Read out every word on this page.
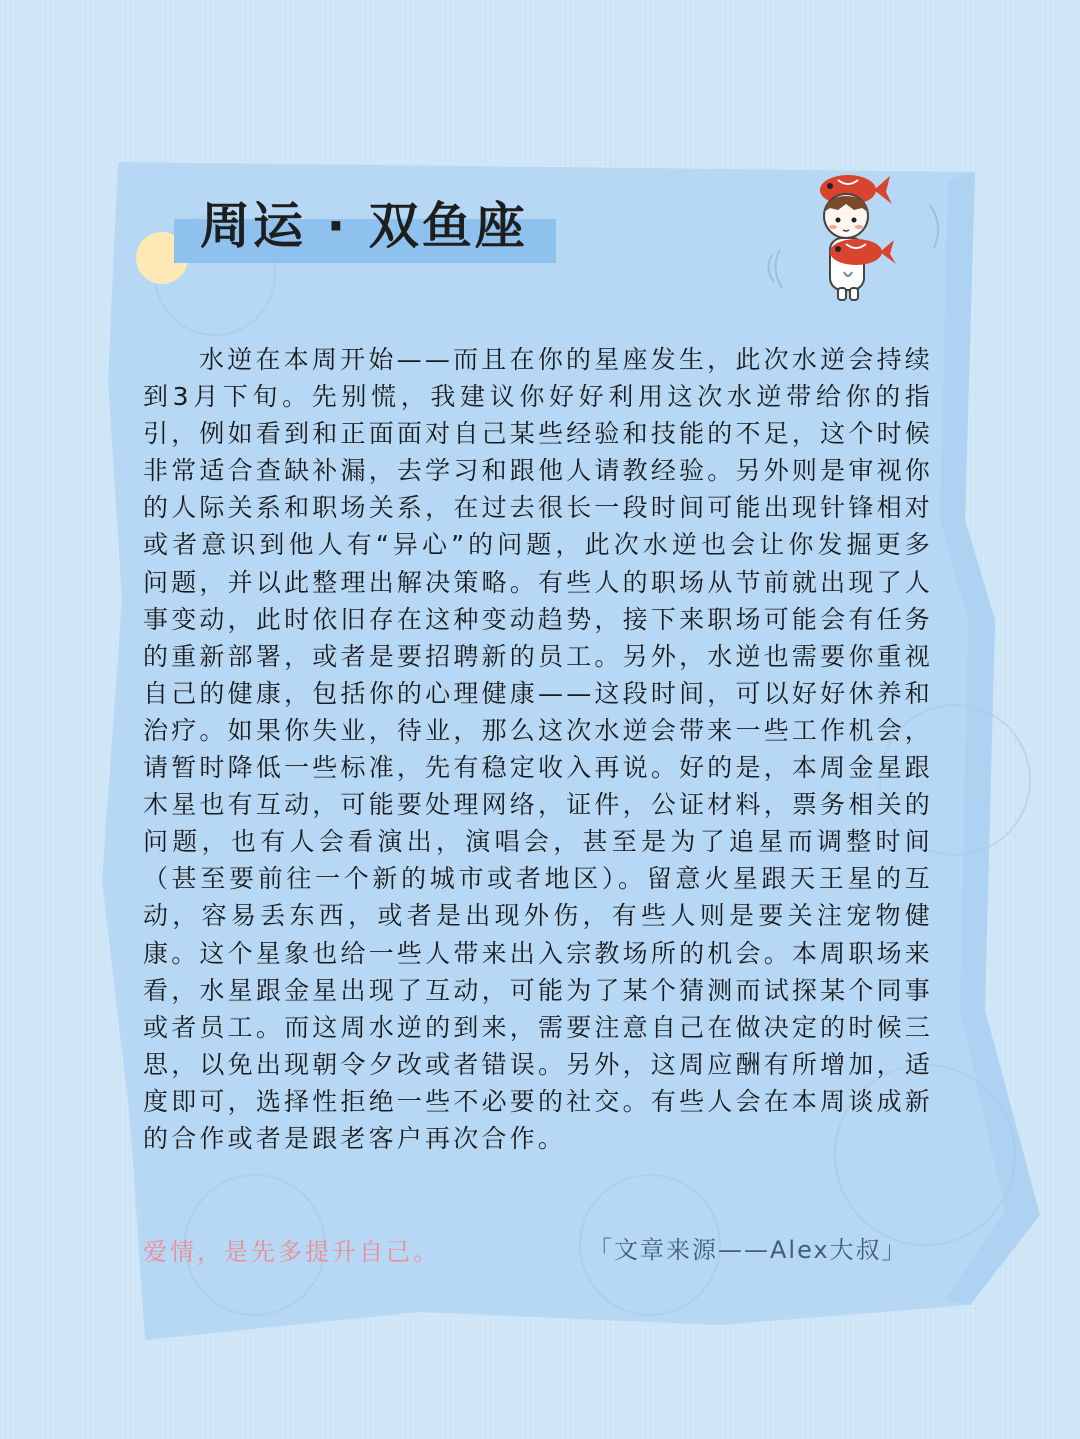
周运 · 双鱼座

水逆在本周开始——而且在你的星座发生，此次水逆会持续到3月下旬。先别慌，我建议你好好利用这次水逆带给你的指引，例如看到和正面面对自己某些经验和技能的不足，这个时候非常适合查缺补漏，去学习和跟他人请教经验。另外则是审视你的人际关系和职场关系，在过去很长一段时间可能出现针锋相对或者意识到他人有“异心”的问题，此次水逆也会让你发掘更多问题，并以此整理出解决策略。有些人的职场从节前就出现了人事变动，此时依旧存在这种变动趋势，接下来职场可能会有任务的重新部署，或者是要招聘新的员工。另外，水逆也需要你重视自己的健康，包括你的心理健康——这段时间，可以好好休养和治疗。如果你失业，待业，那么这次水逆会带来一些工作机会，请暂时降低一些标准，先有稳定收入再说。好的是，本周金星跟木星也有互动，可能要处理网络，证件，公证材料，票务相关的问题，也有人会看演出，演唱会，甚至是为了追星而调整时间（甚至要前往一个新的城市或者地区）。留意火星跟天王星的互动，容易丢东西，或者是出现外伤，有些人则是要关注宠物健康。这个星象也给一些人带来出入宗教场所的机会。本周职场来看，水星跟金星出现了互动，可能为了某个猜测而试探某个同事或者员工。而这周水逆的到来，需要注意自己在做决定的时候三思，以免出现朝令夕改或者错误。另外，这周应酬有所增加，适度即可，选择性拒绝一些不必要的社交。有些人会在本周谈成新的合作或者是跟老客户再次合作。

爱情，是先多提升自己。	「文章来源——Alex大叔」
